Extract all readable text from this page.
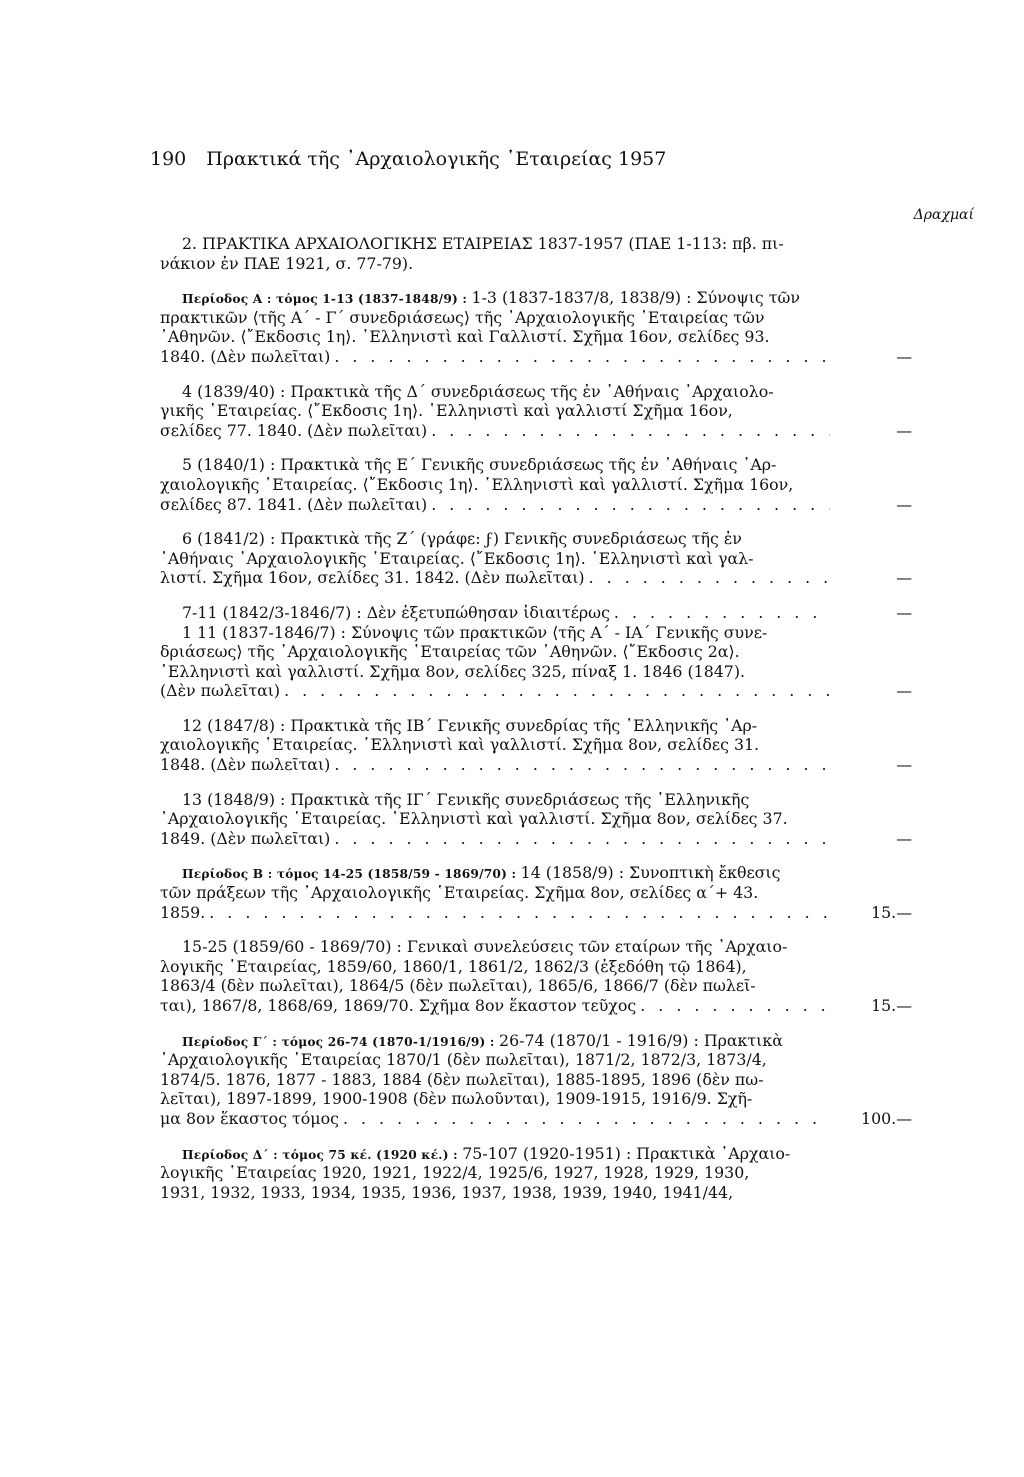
190 Πρακτικά τῆς ᾿Αρχαιολογικῆς ῾Εταιρείας 1957
Δραχμαί
2. ΠΡΑΚΤΙΚΑ ΑΡΧΑΙΟΛΟΓΙΚΗΣ ΕΤΑΙΡΕΙΑΣ 1837-1957 (ΠΑΕ 1-113: πβ. πι-
νάκιον ἐν ΠΑΕ 1921, σ. 77-79).
Περίοδος Α : τόμος 1-13 (1837-1848/9) : 1-3 (1837-1837/8, 1838/9) : Σύνοψις τῶν
πρακτικῶν ⟨τῆς Α΄ - Γ΄ συνεδριάσεως⟩ τῆς ᾿Αρχαιολογικῆς ῾Εταιρείας τῶν
᾿Αθηνῶν. ⟨῎Εκδοσις 1η⟩. ῾Ελληνιστὶ καὶ Γαλλιστί. Σχῆμα 16ον, σελίδες 93.
1840. (Δὲν πωλεῖται) . . .	—
4 (1839/40) : Πρακτικὰ τῆς Δ΄ συνεδριάσεως τῆς ἐν ᾿Αθήναις ᾿Αρχαιολο-
γικῆς ῾Εταιρείας. ⟨῎Εκδοσις 1η⟩. ῾Ελληνιστὶ καὶ γαλλιστί Σχῆμα 16ον,
σελίδες 77. 1840. (Δὲν πωλεῖται) . . .	—
5 (1840/1) : Πρακτικὰ τῆς Ε΄ Γενικῆς συνεδριάσεως τῆς ἐν ᾿Αθήναις ᾿Αρ-
χαιολογικῆς ῾Εταιρείας. ⟨῎Εκδοσις 1η⟩. ῾Ελληνιστὶ καὶ γαλλιστί. Σχῆμα 16ον,
σελίδες 87. 1841. (Δὲν πωλεῖται) . . .	—
6 (1841/2) : Πρακτικὰ τῆς Ζ΄ (γράφε: ϝ) Γενικῆς συνεδριάσεως τῆς ἐν
᾿Αθήναις ᾿Αρχαιολογικῆς ῾Εταιρείας. ⟨῎Εκδοσις 1η⟩. ῾Ελληνιστὶ καὶ γαλ-
λιστί. Σχῆμα 16ον, σελίδες 31. 1842. (Δὲν πωλεῖται) . . .	—
7-11 (1842/3-1846/7) : Δὲν ἐξετυπώθησαν ἰδιαιτέρως . . .	—
1 11 (1837-1846/7) : Σύνοψις τῶν πρακτικῶν ⟨τῆς Α΄ - ΙΑ΄ Γενικῆς συνε-
δριάσεως⟩ τῆς ᾿Αρχαιολογικῆς ῾Εταιρείας τῶν ᾿Αθηνῶν. ⟨῎Εκδοσις 2α⟩.
῾Ελληνιστὶ καὶ γαλλιστί. Σχῆμα 8ον, σελίδες 325, πίναξ 1. 1846 (1847).
(Δὲν πωλεῖται) . . .	—
12 (1847/8) : Πρακτικὰ τῆς ΙΒ΄ Γενικῆς συνεδρίας τῆς ῾Ελληνικῆς ᾿Αρ-
χαιολογικῆς ῾Εταιρείας. ῾Ελληνιστὶ καὶ γαλλιστί. Σχῆμα 8ον, σελίδες 31.
1848. (Δὲν πωλεῖται) . . .	—
13 (1848/9) : Πρακτικὰ τῆς ΙΓ΄ Γενικῆς συνεδριάσεως τῆς ῾Ελληνικῆς
᾿Αρχαιολογικῆς ῾Εταιρείας. ῾Ελληνιστὶ καὶ γαλλιστί. Σχῆμα 8ον, σελίδες 37.
1849. (Δὲν πωλεῖται) . . .	—
Περίοδος Β : τόμος 14-25 (1858/59 - 1869/70) : 14 (1858/9) : Συνοπτικὴ ἔκθεσις
τῶν πράξεων τῆς ᾿Αρχαιολογικῆς ῾Εταιρείας. Σχῆμα 8ον, σελίδες α΄+ 43.
1859. . . .	15.—
15-25 (1859/60 - 1869/70) : Γενικαὶ συνελεύσεις τῶν εταίρων τῆς ᾿Αρχαιο-
λογικῆς ῾Εταιρείας, 1859/60, 1860/1, 1861/2, 1862/3 (ἐξεδόθη τῷ 1864),
1863/4 (δὲν πωλεῖται), 1864/5 (δὲν πωλεῖται), 1865/6, 1866/7 (δὲν πωλεῖ-
ται), 1867/8, 1868/69, 1869/70. Σχῆμα 8ον ἕκαστον τεῦχος . . .	15.—
Περίοδος Γ΄ : τόμος 26-74 (1870-1/1916/9) : 26-74 (1870/1 - 1916/9) : Πρακτικὰ
᾿Αρχαιολογικῆς ῾Εταιρείας 1870/1 (δὲν πωλεῖται), 1871/2, 1872/3, 1873/4,
1874/5. 1876, 1877 - 1883, 1884 (δὲν πωλεῖται), 1885-1895, 1896 (δὲν πω-
λεῖται), 1897-1899, 1900-1908 (δὲν πωλοῦνται), 1909-1915, 1916/9. Σχῆ-
μα 8ον ἕκαστος τόμος . . .	100.—
Περίοδος Δ΄ : τόμος 75 κέ. (1920 κέ.) : 75-107 (1920-1951) : Πρακτικὰ ᾿Αρχαιο-
λογικῆς ῾Εταιρείας 1920, 1921, 1922/4, 1925/6, 1927, 1928, 1929, 1930,
1931, 1932, 1933, 1934, 1935, 1936, 1937, 1938, 1939, 1940, 1941/44,
